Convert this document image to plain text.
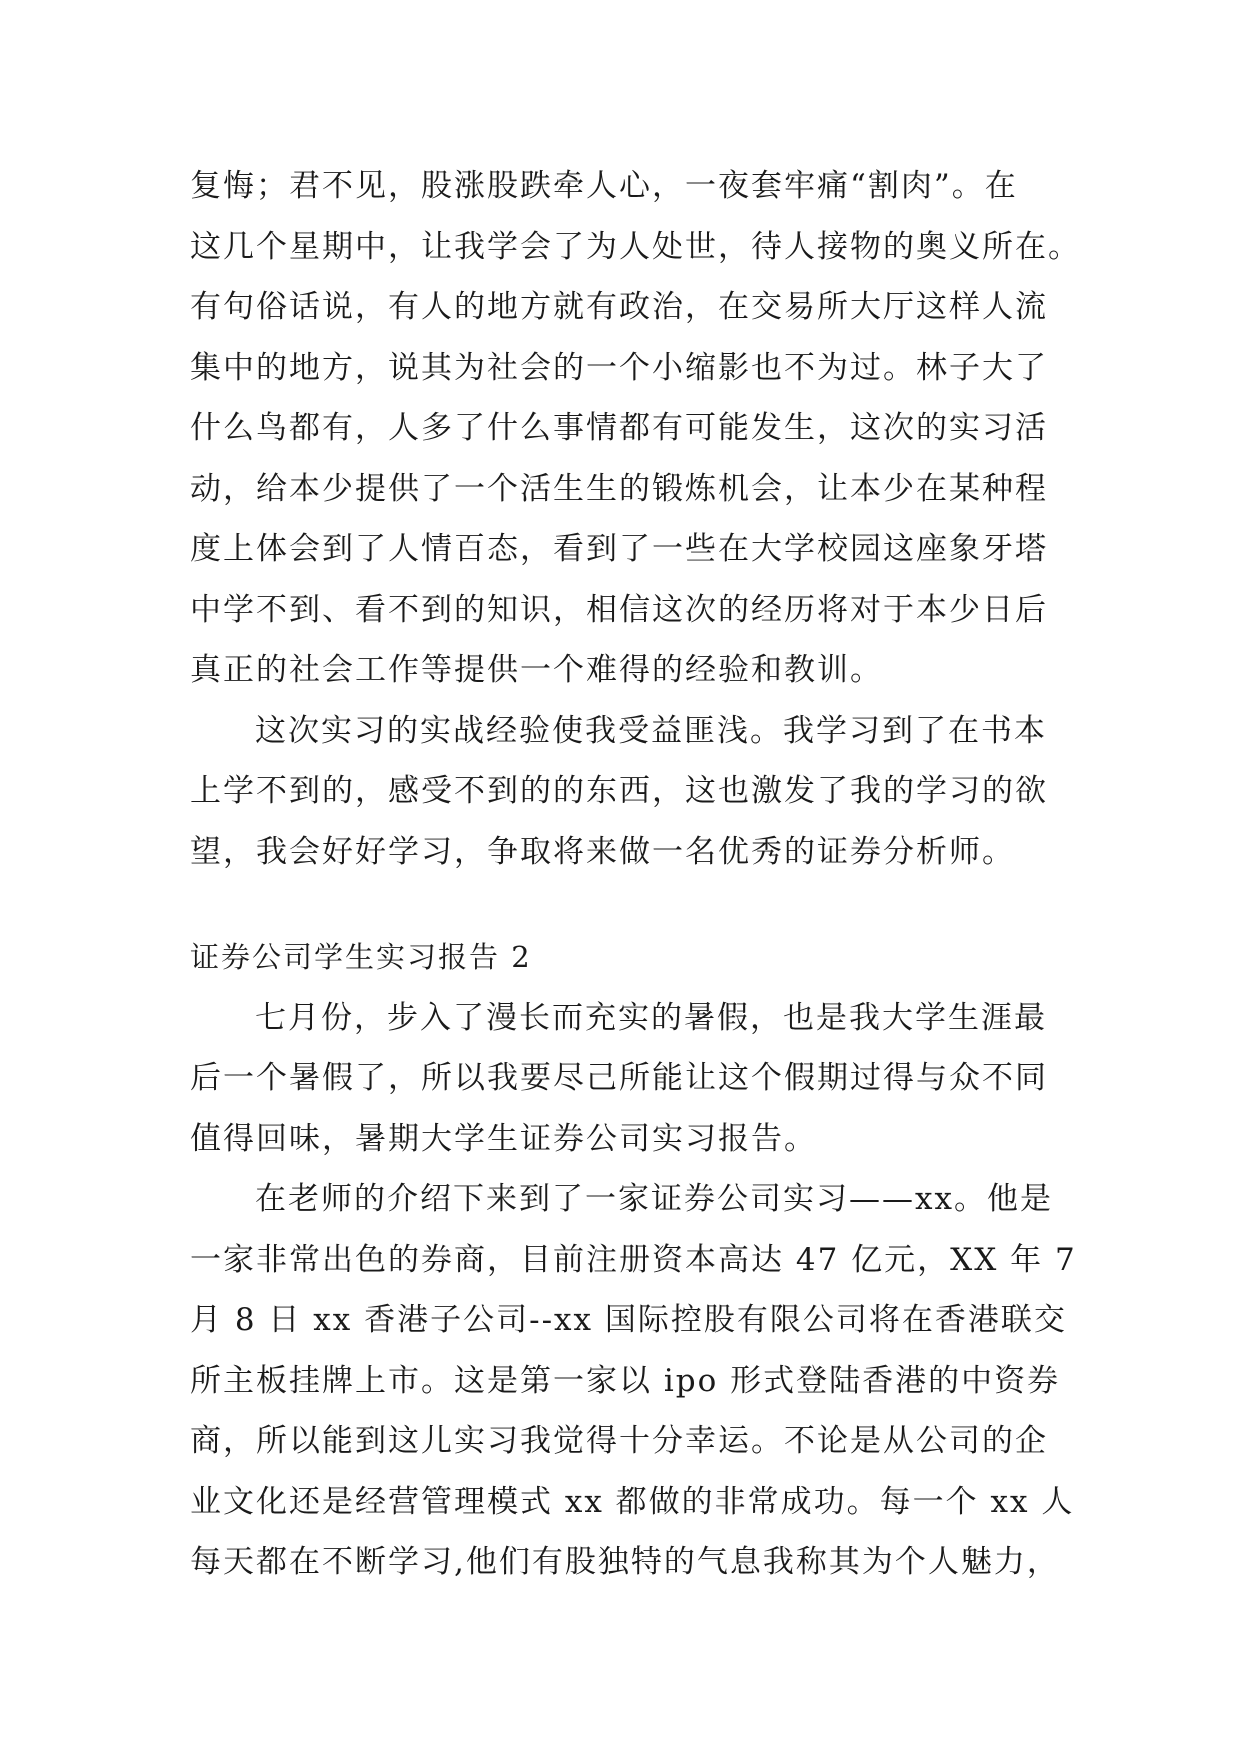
复悔；君不见，股涨股跌牵人心，一夜套牢痛“割肉”。在
这几个星期中，让我学会了为人处世，待人接物的奥义所在。
有句俗话说，有人的地方就有政治，在交易所大厅这样人流
集中的地方，说其为社会的一个小缩影也不为过。林子大了
什么鸟都有，人多了什么事情都有可能发生，这次的实习活
动，给本少提供了一个活生生的锻炼机会，让本少在某种程
度上体会到了人情百态，看到了一些在大学校园这座象牙塔
中学不到、看不到的知识，相信这次的经历将对于本少日后
真正的社会工作等提供一个难得的经验和教训。
这次实习的实战经验使我受益匪浅。我学习到了在书本
上学不到的，感受不到的的东西，这也激发了我的学习的欲
望，我会好好学习，争取将来做一名优秀的证券分析师。
证券公司学生实习报告 2
七月份，步入了漫长而充实的暑假，也是我大学生涯最
后一个暑假了，所以我要尽己所能让这个假期过得与众不同
值得回味，暑期大学生证券公司实习报告。
在老师的介绍下来到了一家证券公司实习——xx。他是
一家非常出色的券商，目前注册资本高达 47 亿元，XX 年 7
月 8 日 xx 香港子公司--xx 国际控股有限公司将在香港联交
所主板挂牌上市。这是第一家以 ipo 形式登陆香港的中资券
商，所以能到这儿实习我觉得十分幸运。不论是从公司的企
业文化还是经营管理模式 xx 都做的非常成功。每一个 xx 人
每天都在不断学习,他们有股独特的气息我称其为个人魅力，
